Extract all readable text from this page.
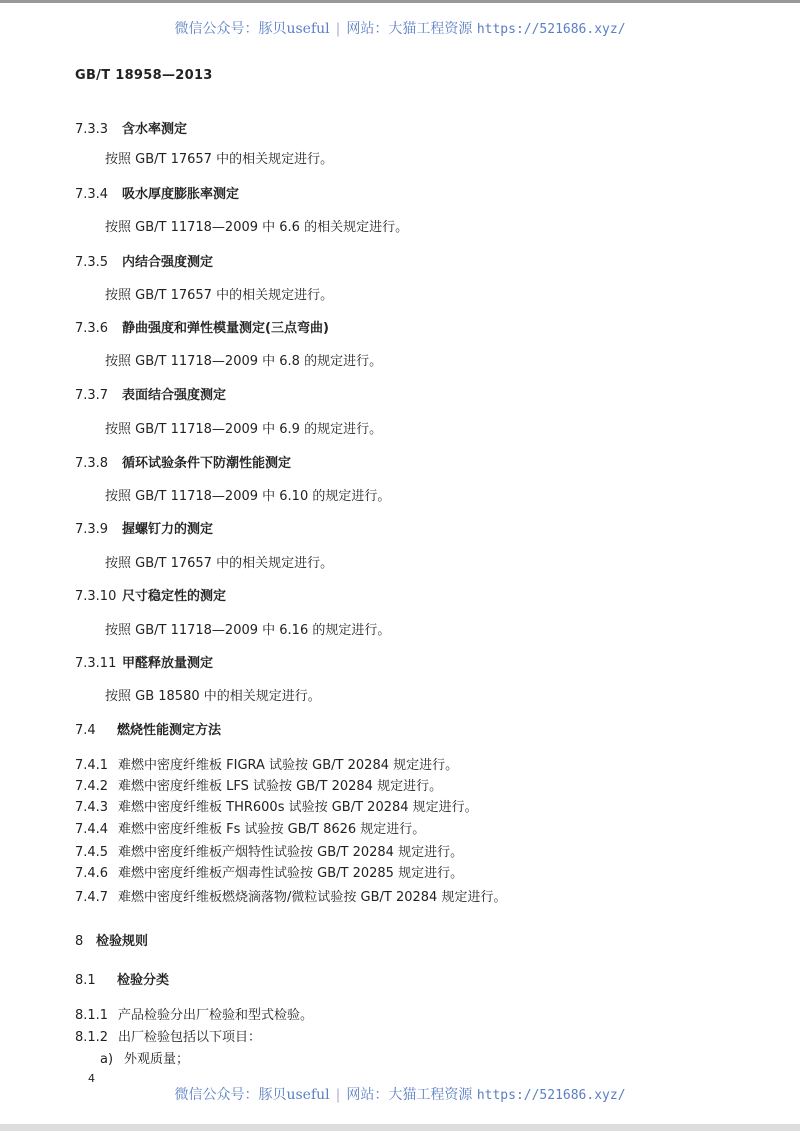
微信公众号：豚贝useful | 网站：大猫工程资源 https://521686.xyz/
GB/T 18958—2013
7.3.3 含水率测定
按照 GB/T 17657 中的相关规定进行。
7.3.4 吸水厚度膨胀率测定
按照 GB/T 11718—2009 中 6.6 的相关规定进行。
7.3.5 内结合强度测定
按照 GB/T 17657 中的相关规定进行。
7.3.6 静曲强度和弹性模量测定(三点弯曲)
按照 GB/T 11718—2009 中 6.8 的规定进行。
7.3.7 表面结合强度测定
按照 GB/T 11718—2009 中 6.9 的规定进行。
7.3.8 循环试验条件下防潮性能测定
按照 GB/T 11718—2009 中 6.10 的规定进行。
7.3.9 握螺钉力的测定
按照 GB/T 17657 中的相关规定进行。
7.3.10 尺寸稳定性的测定
按照 GB/T 11718—2009 中 6.16 的规定进行。
7.3.11 甲醛释放量测定
按照 GB 18580 中的相关规定进行。
7.4 燃烧性能测定方法
7.4.1 难燃中密度纤维板 FIGRA 试验按 GB/T 20284 规定进行。
7.4.2 难燃中密度纤维板 LFS 试验按 GB/T 20284 规定进行。
7.4.3 难燃中密度纤维板 THR600s 试验按 GB/T 20284 规定进行。
7.4.4 难燃中密度纤维板 Fs 试验按 GB/T 8626 规定进行。
7.4.5 难燃中密度纤维板产烟特性试验按 GB/T 20284 规定进行。
7.4.6 难燃中密度纤维板产烟毒性试验按 GB/T 20285 规定进行。
7.4.7 难燃中密度纤维板燃烧滴落物/微粒试验按 GB/T 20284 规定进行。
8 检验规则
8.1 检验分类
8.1.1 产品检验分出厂检验和型式检验。
8.1.2 出厂检验包括以下项目：
a) 外观质量；
4
微信公众号：豚贝useful | 网站：大猫工程资源 https://521686.xyz/
